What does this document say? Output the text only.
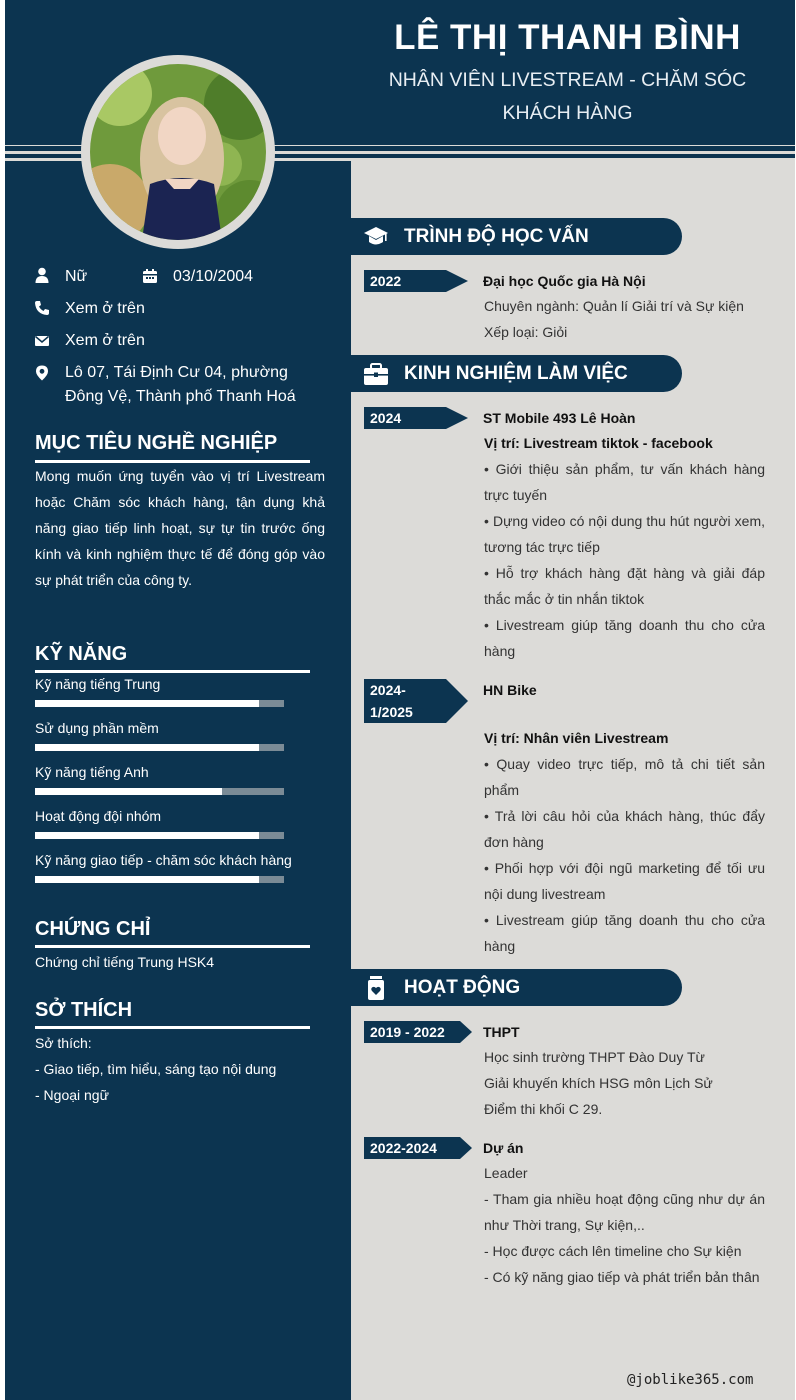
LÊ THỊ THANH BÌNH
NHÂN VIÊN LIVESTREAM - CHĂM SÓC KHÁCH HÀNG
Nữ	03/10/2004
Xem ở trên
Xem ở trên
Lô 07, Tái Định Cư 04, phường Đông Vệ, Thành phố Thanh Hoá
MỤC TIÊU NGHỀ NGHIỆP
Mong muốn ứng tuyển vào vị trí Livestream hoặc Chăm sóc khách hàng, tận dụng khả năng giao tiếp linh hoạt, sự tự tin trước ống kính và kinh nghiệm thực tế để đóng góp vào sự phát triển của công ty.
KỸ NĂNG
Kỹ năng tiếng Trung
Sử dụng phần mềm
Kỹ năng tiếng Anh
Hoạt động đội nhóm
Kỹ năng giao tiếp - chăm sóc khách hàng
CHỨNG CHỈ
Chứng chỉ tiếng Trung HSK4
SỞ THÍCH
Sở thích:
- Giao tiếp, tìm hiểu, sáng tạo nội dung
- Ngoại ngữ
TRÌNH ĐỘ HỌC VẤN
2022	Đại học Quốc gia Hà Nội
Chuyên ngành: Quản lí Giải trí và Sự kiện
Xếp loại: Giỏi
KINH NGHIỆM LÀM VIỆC
2024	ST Mobile 493 Lê Hoàn
Vị trí: Livestream tiktok - facebook
• Giới thiệu sản phẩm, tư vấn khách hàng trực tuyến
• Dựng video có nội dung thu hút người xem, tương tác trực tiếp
• Hỗ trợ khách hàng đặt hàng và giải đáp thắc mắc ở tin nhắn tiktok
• Livestream giúp tăng doanh thu cho cửa hàng
2024-
1/2025
HN Bike
Vị trí: Nhân viên Livestream
• Quay video trực tiếp, mô tả chi tiết sản phẩm
• Trả lời câu hỏi của khách hàng, thúc đẩy đơn hàng
• Phối hợp với đội ngũ marketing để tối ưu nội dung livestream
• Livestream giúp tăng doanh thu cho cửa hàng
HOẠT ĐỘNG
2019 - 2022	THPT
Học sinh trường THPT Đào Duy Từ
Giải khuyến khích HSG môn Lịch Sử
Điểm thi khối C 29.
2022-2024	Dự án
Leader
- Tham gia nhiều hoạt động cũng như dự án như Thời trang, Sự kiện,..
- Học được cách lên timeline cho Sự kiện
- Có kỹ năng giao tiếp và phát triển bản thân
@joblike365.com
